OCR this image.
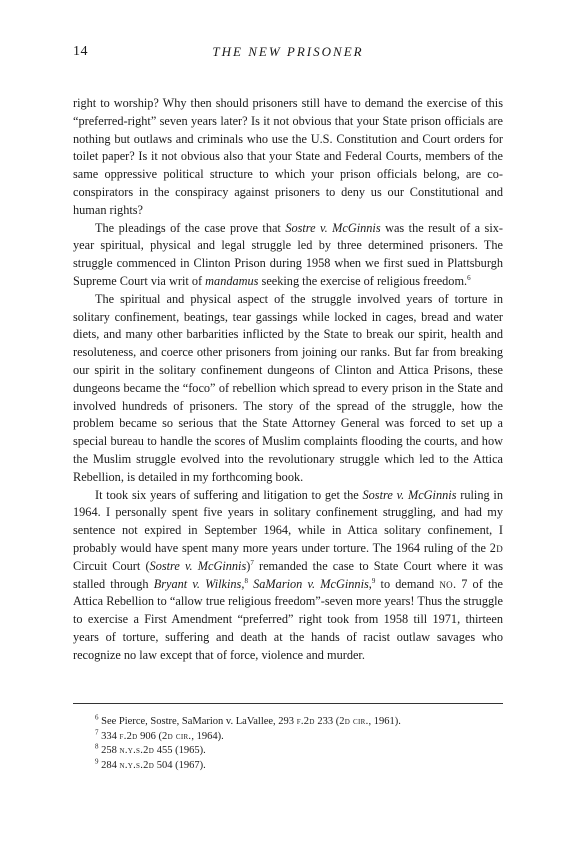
14	THE NEW PRISONER

right to worship? Why then should prisoners still have to demand the exercise of this “preferred-right” seven years later? Is it not obvious that your State prison officials are nothing but outlaws and criminals who use the U.S. Constitution and Court orders for toilet paper? Is it not obvious also that your State and Federal Courts, members of the same oppressive political structure to which your prison officials belong, are co-conspirators in the conspiracy against prisoners to deny us our Constitutional and human rights?

The pleadings of the case prove that Sostre v. McGinnis was the result of a six-year spiritual, physical and legal struggle led by three determined prisoners. The struggle commenced in Clinton Prison during 1958 when we first sued in Plattsburgh Supreme Court via writ of mandamus seeking the exercise of religious freedom.$^6$

The spiritual and physical aspect of the struggle involved years of torture in solitary confinement, beatings, tear gassings while locked in cages, bread and water diets, and many other barbarities inflicted by the State to break our spirit, health and resoluteness, and coerce other prisoners from joining our ranks. But far from breaking our spirit in the solitary confinement dungeons of Clinton and Attica Prisons, these dungeons became the “foco” of rebellion which spread to every prison in the State and involved hundreds of prisoners. The story of the spread of the struggle, how the problem became so serious that the State Attorney General was forced to set up a special bureau to handle the scores of Muslim complaints flooding the courts, and how the Muslim struggle evolved into the revolutionary struggle which led to the Attica Rebellion, is detailed in my forthcoming book.

It took six years of suffering and litigation to get the Sostre v. McGinnis ruling in 1964. I personally spent five years in solitary confinement struggling, and had my sentence not expired in September 1964, while in Attica solitary confinement, I probably would have spent many more years under torture. The 1964 ruling of the 2d Circuit Court (Sostre v. McGinnis)$^7$ remanded the case to State Court where it was stalled through Bryant v. Wilkins,$^8$ SaMarion v. McGinnis,$^9$ to demand no. 7 of the Attica Rebellion to “allow true religious freedom”-seven more years! Thus the struggle to exercise a First Amendment “preferred” right took from 1958 till 1971, thirteen years of torture, suffering and death at the hands of racist outlaw savages who recognize no law except that of force, violence and murder.

$^6$ See Pierce, Sostre, SaMarion v. LaVallee, 293 f.2d 233 (2d cir., 1961).

$^7$ 334 f.2d 906 (2d cir., 1964).

$^8$ 258 n.y.s.2d 455 (1965).

$^9$ 284 n.y.s.2d 504 (1967).
